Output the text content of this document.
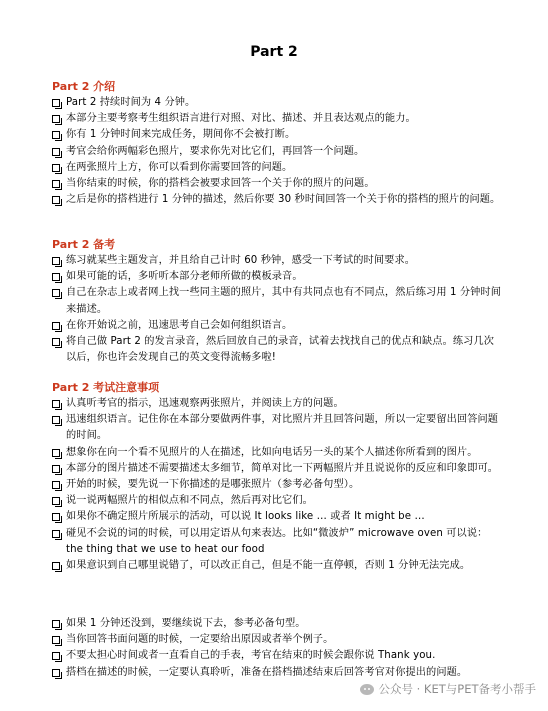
Part 2
Part 2 介绍
Part 2 持续时间为 4 分钟。
本部分主要考察考生组织语言进行对照、对比、描述、并且表达观点的能力。
你有 1 分钟时间来完成任务，期间你不会被打断。
考官会给你两幅彩色照片，要求你先对比它们，再回答一个问题。
在两张照片上方，你可以看到你需要回答的问题。
当你结束的时候，你的搭档会被要求回答一个关于你的照片的问题。
之后是你的搭档进行 1 分钟的描述，然后你要 30 秒时间回答一个关于你的搭档的照片的问题。
Part 2 备考
练习就某些主题发言，并且给自己计时 60 秒钟，感受一下考试的时间要求。
如果可能的话，多听听本部分老师所做的模板录音。
自己在杂志上或者网上找一些同主题的照片，其中有共同点也有不同点，然后练习用 1 分钟时间来描述。
在你开始说之前，迅速思考自己会如何组织语言。
将自己做 Part 2 的发言录音，然后回放自己的录音，试着去找找自己的优点和缺点。练习几次以后，你也许会发现自己的英文变得流畅多啦!
Part 2 考试注意事项
认真听考官的指示，迅速观察两张照片，并阅读上方的问题。
迅速组织语言。记住你在本部分要做两件事，对比照片并且回答问题，所以一定要留出回答问题的时间。
想象你在向一个看不见照片的人在描述，比如向电话另一头的某个人描述你所看到的图片。
本部分的图片描述不需要描述太多细节，简单对比一下两幅照片并且说说你的反应和印象即可。
开始的时候，要先说一下你描述的是哪张照片（参考必备句型）。
说一说两幅照片的相似点和不同点，然后再对比它们。
如果你不确定照片所展示的活动，可以说 It looks like … 或者 It might be …
碰见不会说的词的时候，可以用定语从句来表达。比如“微波炉” microwave oven 可以说：the thing that we use to heat our food
如果意识到自己哪里说错了，可以改正自己，但是不能一直停顿，否则 1 分钟无法完成。
如果 1 分钟还没到，要继续说下去，参考必备句型。
当你回答书面问题的时候，一定要给出原因或者举个例子。
不要太担心时间或者一直看自己的手表，考官在结束的时候会跟你说 Thank you.
搭档在描述的时候，一定要认真聆听，准备在搭档描述结束后回答考官对你提出的问题。
公众号 · KET与PET备考小帮手
